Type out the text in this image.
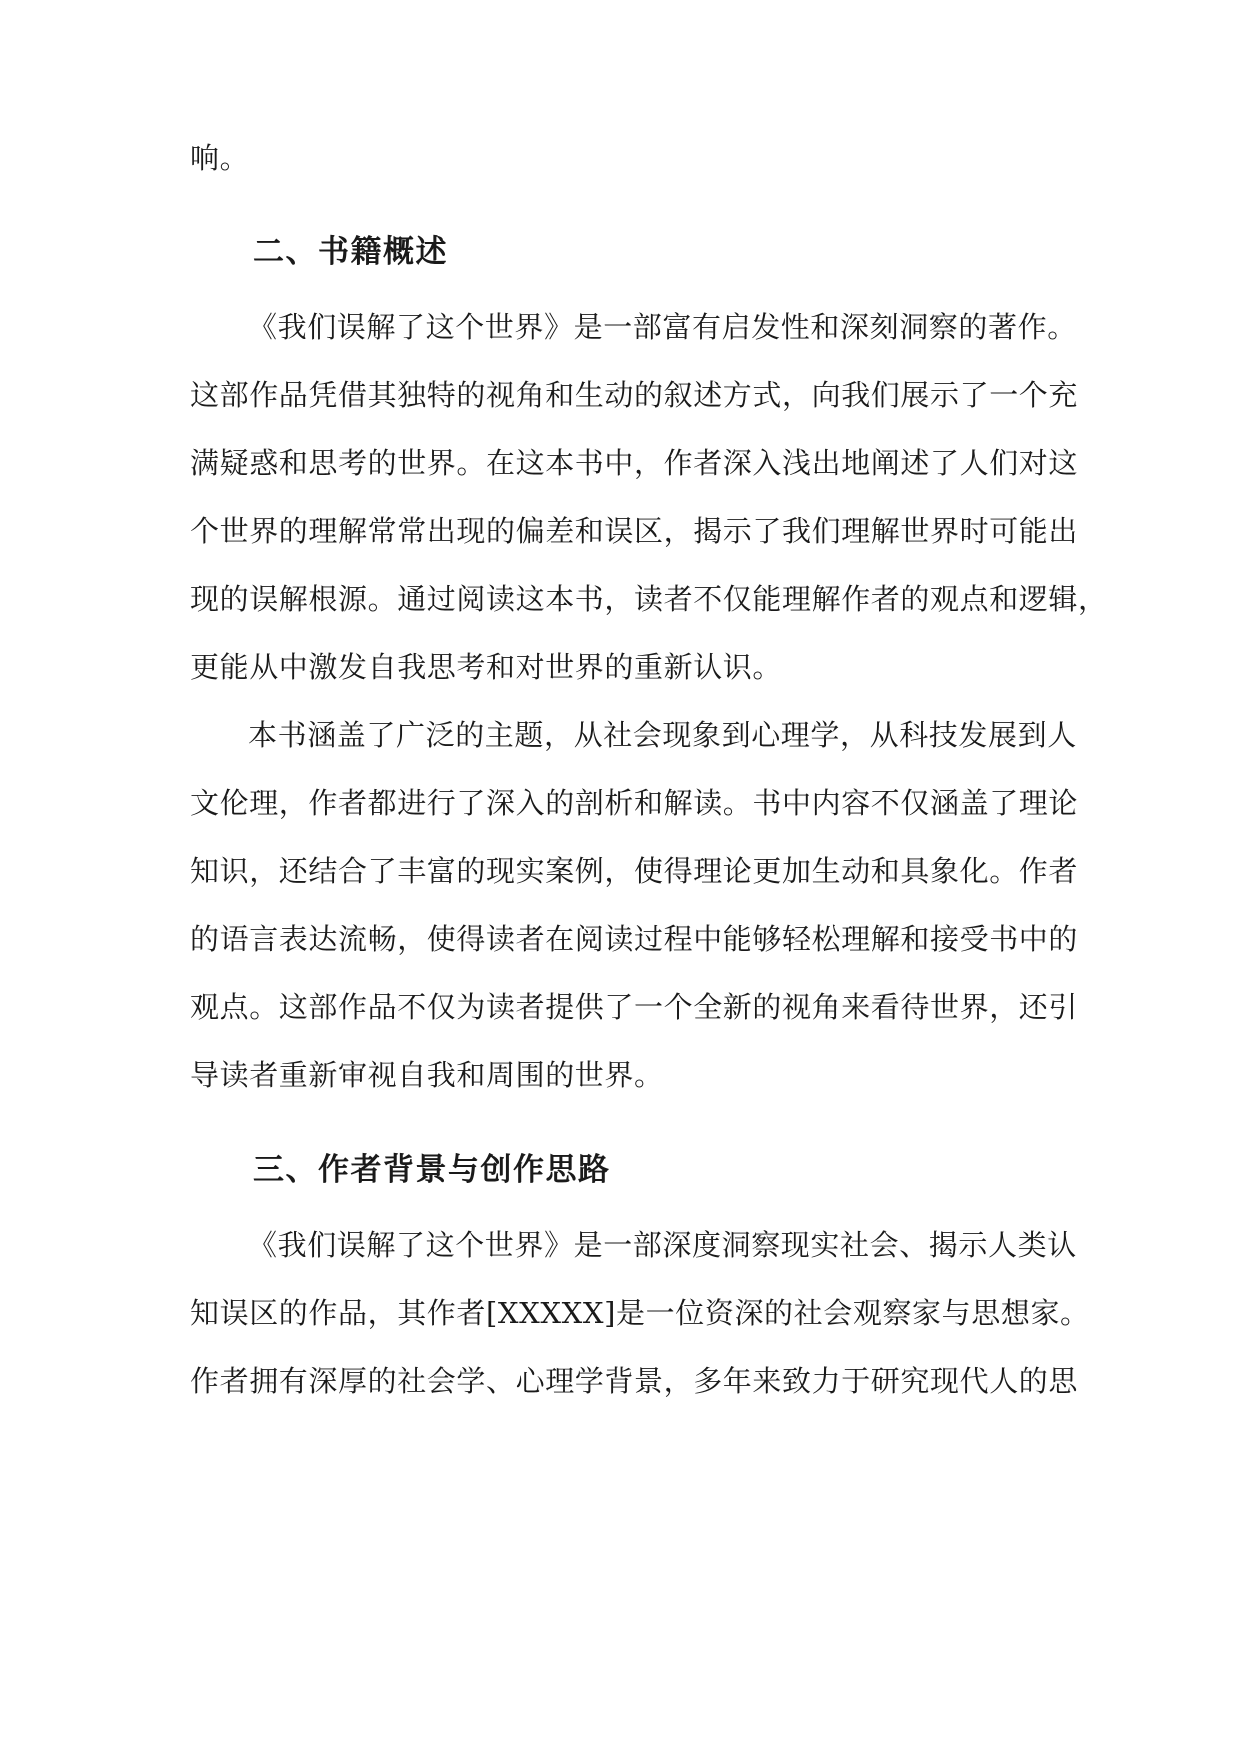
响。
二、书籍概述
《我们误解了这个世界》是一部富有启发性和深刻洞察的著作。
这部作品凭借其独特的视角和生动的叙述方式，向我们展示了一个充
满疑惑和思考的世界。在这本书中，作者深入浅出地阐述了人们对这
个世界的理解常常出现的偏差和误区，揭示了我们理解世界时可能出
现的误解根源。通过阅读这本书，读者不仅能理解作者的观点和逻辑，
更能从中激发自我思考和对世界的重新认识。
本书涵盖了广泛的主题，从社会现象到心理学，从科技发展到人
文伦理，作者都进行了深入的剖析和解读。书中内容不仅涵盖了理论
知识，还结合了丰富的现实案例，使得理论更加生动和具象化。作者
的语言表达流畅，使得读者在阅读过程中能够轻松理解和接受书中的
观点。这部作品不仅为读者提供了一个全新的视角来看待世界，还引
导读者重新审视自我和周围的世界。
三、作者背景与创作思路
《我们误解了这个世界》是一部深度洞察现实社会、揭示人类认
知误区的作品，其作者[XXXXX]是一位资深的社会观察家与思想家。
作者拥有深厚的社会学、心理学背景，多年来致力于研究现代人的思
